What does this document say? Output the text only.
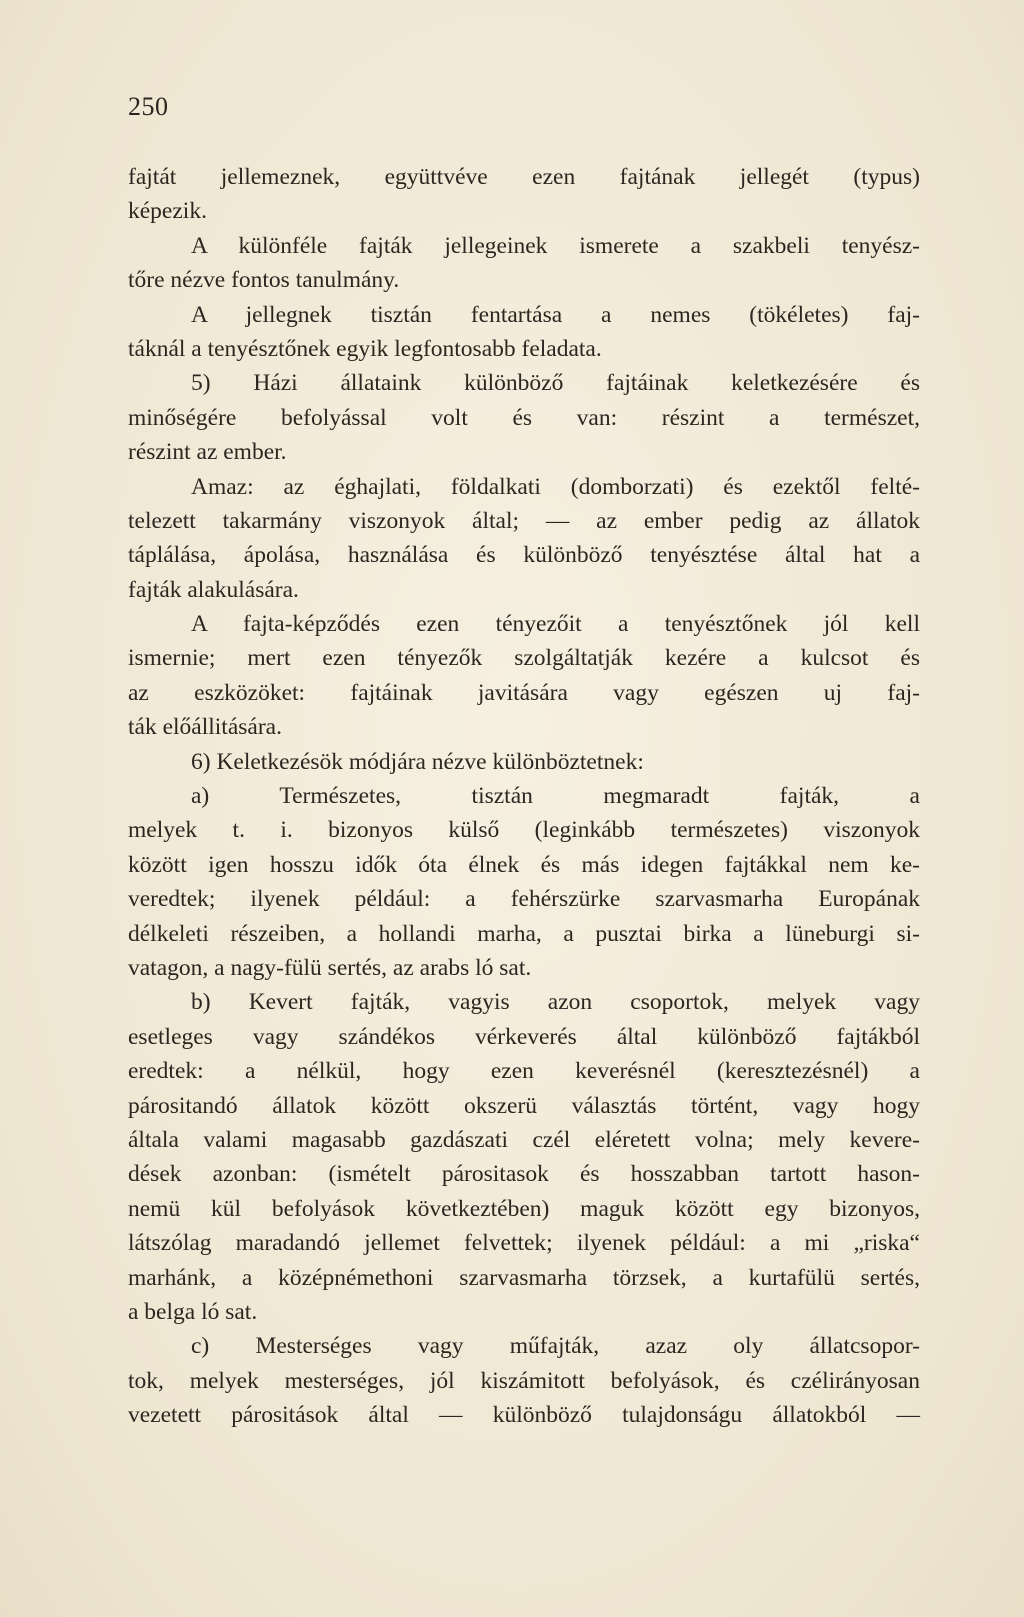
250
fajtát jellemeznek, együttvéve ezen fajtának jellegét (typus)
képezik.
A különféle fajták jellegeinek ismerete a szakbeli tenyész-
tőre nézve fontos tanulmány.
A jellegnek tisztán fentartása a nemes (tökéletes) faj-
táknál a tenyésztőnek egyik legfontosabb feladata.
5) Házi állataink különböző fajtáinak keletkezésére és
minőségére befolyással volt és van: részint a természet,
részint az ember.
Amaz: az éghajlati, földalkati (domborzati) és ezektől felté-
telezett takarmány viszonyok által; — az ember pedig az állatok
táplálása, ápolása, használása és különböző tenyésztése által hat a
fajták alakulására.
A fajta-képződés ezen tényezőit a tenyésztőnek jól kell
ismernie; mert ezen tényezők szolgáltatják kezére a kulcsot és
az eszközöket: fajtáinak javitására vagy egészen uj faj-
ták előállitására.
6) Keletkezésök módjára nézve különböztetnek:
a) Természetes, tisztán megmaradt fajták, a
melyek t. i. bizonyos külső (leginkább természetes) viszonyok
között igen hosszu idők óta élnek és más idegen fajtákkal nem ke-
veredtek; ilyenek például: a fehérszürke szarvasmarha Europának
délkeleti részeiben, a hollandi marha, a pusztai birka a lüneburgi si-
vatagon, a nagy-fülü sertés, az arabs ló sat.
b) Kevert fajták, vagyis azon csoportok, melyek vagy
esetleges vagy szándékos vérkeverés által különböző fajtákból
eredtek: a nélkül, hogy ezen keverésnél (keresztezésnél) a
párositandó állatok között okszerü választás történt, vagy hogy
általa valami magasabb gazdászati czél eléretett volna; mely kevere-
dések azonban: (ismételt párositasok és hosszabban tartott hason-
nemü kül befolyások következtében) maguk között egy bizonyos,
látszólag maradandó jellemet felvettek; ilyenek például: a mi „riska“
marhánk, a középnémethoni szarvasmarha törzsek, a kurtafülü sertés,
a belga ló sat.
c) Mesterséges vagy műfajták, azaz oly állatcsopor-
tok, melyek mesterséges, jól kiszámitott befolyások, és czélirányosan
vezetett párositások által — különböző tulajdonságu állatokból —
